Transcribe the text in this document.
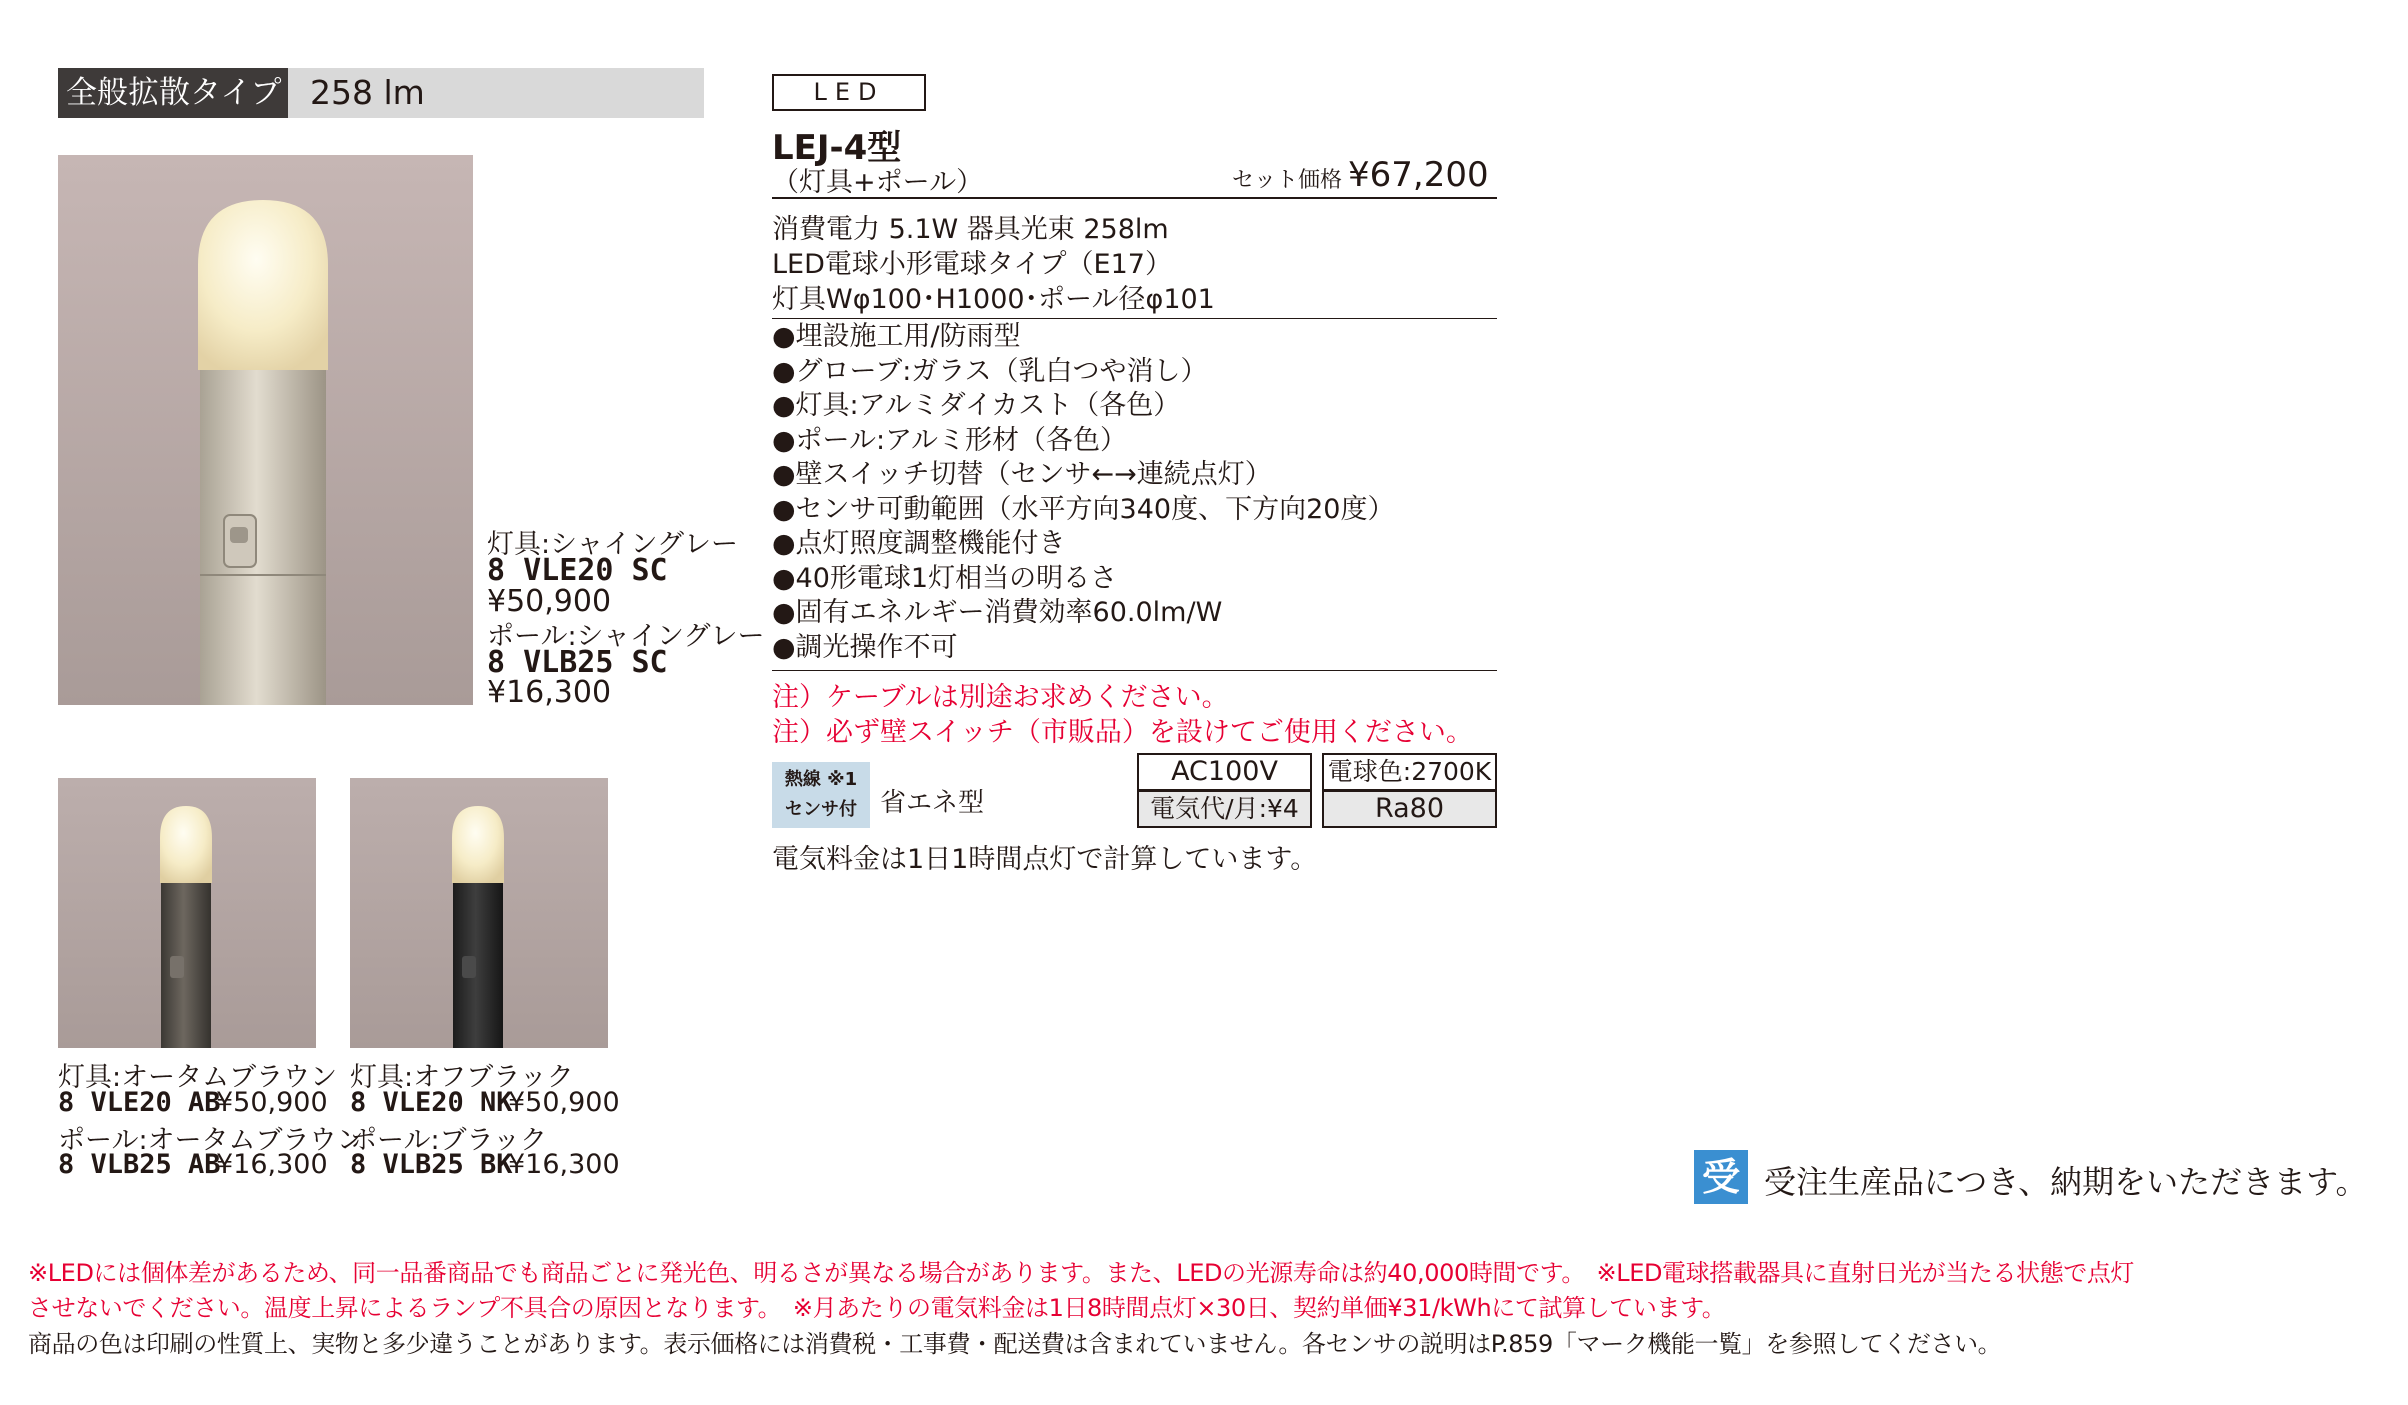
全般拡散タイプ 258 lm
灯具:シャイングレー
8 VLE20 SC
¥50,900
ポール:シャイングレー
8 VLB25 SC
¥16,300
灯具:オータムブラウン
8 VLE20 AB
¥50,900
ポール:オータムブラウン
8 VLB25 AB
¥16,300
灯具:オフブラック
8 VLE20 NK
¥50,900
ポール:ブラック
8 VLB25 BK
¥16,300
LED
LEJ-4型
（灯具+ポール）	セット価格 ¥67,200
消費電力 5.1W 器具光束 258lm
LED電球小形電球タイプ（E17）
灯具Wφ100･H1000･ポール径φ101
●埋設施工用/防雨型
●グローブ:ガラス（乳白つや消し）
●灯具:アルミダイカスト（各色）
●ポール:アルミ形材（各色）
●壁スイッチ切替（センサ←→連続点灯）
●センサ可動範囲（水平方向340度、下方向20度）
●点灯照度調整機能付き
●40形電球1灯相当の明るさ
●固有エネルギー消費効率60.0lm/W
●調光操作不可
注）ケーブルは別途お求めください。
注）必ず壁スイッチ（市販品）を設けてご使用ください。
熱線 ※1
センサ付 省エネ型
AC100V	電球色:2700K
電気代/月:¥4	Ra80
電気料金は1日1時間点灯で計算しています。
受 受注生産品につき、納期をいただきます。
※LEDには個体差があるため、同一品番商品でも商品ごとに発光色、明るさが異なる場合があります。また、LEDの光源寿命は約40,000時間です。　※LED電球搭載器具に直射日光が当たる状態で点灯
させないでください。温度上昇によるランプ不具合の原因となります。　※月あたりの電気料金は1日8時間点灯×30日、契約単価¥31/kWhにて試算しています。
商品の色は印刷の性質上、実物と多少違うことがあります。表示価格には消費税・工事費・配送費は含まれていません。各センサの説明はP.859「マーク機能一覧」を参照してください。
